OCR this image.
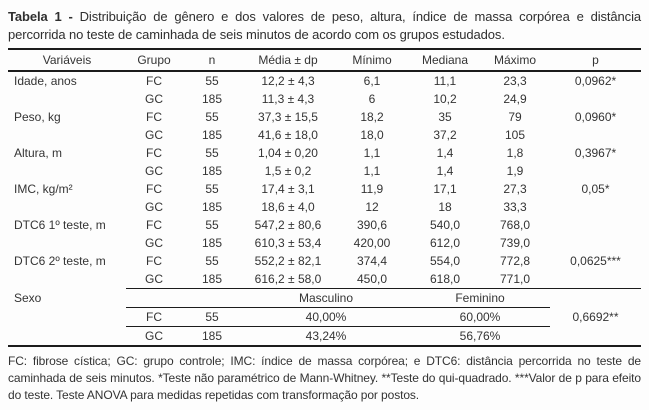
Tabela 1 - Distribuição de gênero e dos valores de peso, altura, índice de massa corpórea e distância percorrida no teste de caminhada de seis minutos de acordo com os grupos estudados.

Variáveis	Grupo	n	Média ± dp	Mínimo	Mediana	Máximo	p
Idade, anos	FC	55	12,2 ± 4,3	6,1	11,1	23,3	0,0962*
	GC	185	11,3 ± 4,3	6	10,2	24,9	
Peso, kg	FC	55	37,3 ± 15,5	18,2	35	79	0,0960*
	GC	185	41,6 ± 18,0	18,0	37,2	105	
Altura, m	FC	55	1,04 ± 0,20	1,1	1,4	1,8	0,3967*
	GC	185	1,5 ± 0,2	1,1	1,4	1,9	
IMC, kg/m²	FC	55	17,4 ± 3,1	11,9	17,1	27,3	0,05*
	GC	185	18,6 ± 4,0	12	18	33,3	
DTC6 1º teste, m	FC	55	547,2 ± 80,6	390,6	540,0	768,0	
	GC	185	610,3 ± 53,4	420,00	612,0	739,0	
DTC6 2º teste, m	FC	55	552,2 ± 82,1	374,4	554,0	772,8	0,0625***
	GC	185	616,2 ± 58,0	450,0	618,0	771,0	
Sexo			Masculino		Feminino		
	FC	55	40,00%		60,00%		0,6692**
	GC	185	43,24%		56,76%		

FC: fibrose cística; GC: grupo controle; IMC: índice de massa corpórea; e DTC6: distância percorrida no teste de caminhada de seis minutos. *Teste não paramétrico de Mann-Whitney. **Teste do qui-quadrado. ***Valor de p para efeito do teste. Teste ANOVA para medidas repetidas com transformação por postos.
